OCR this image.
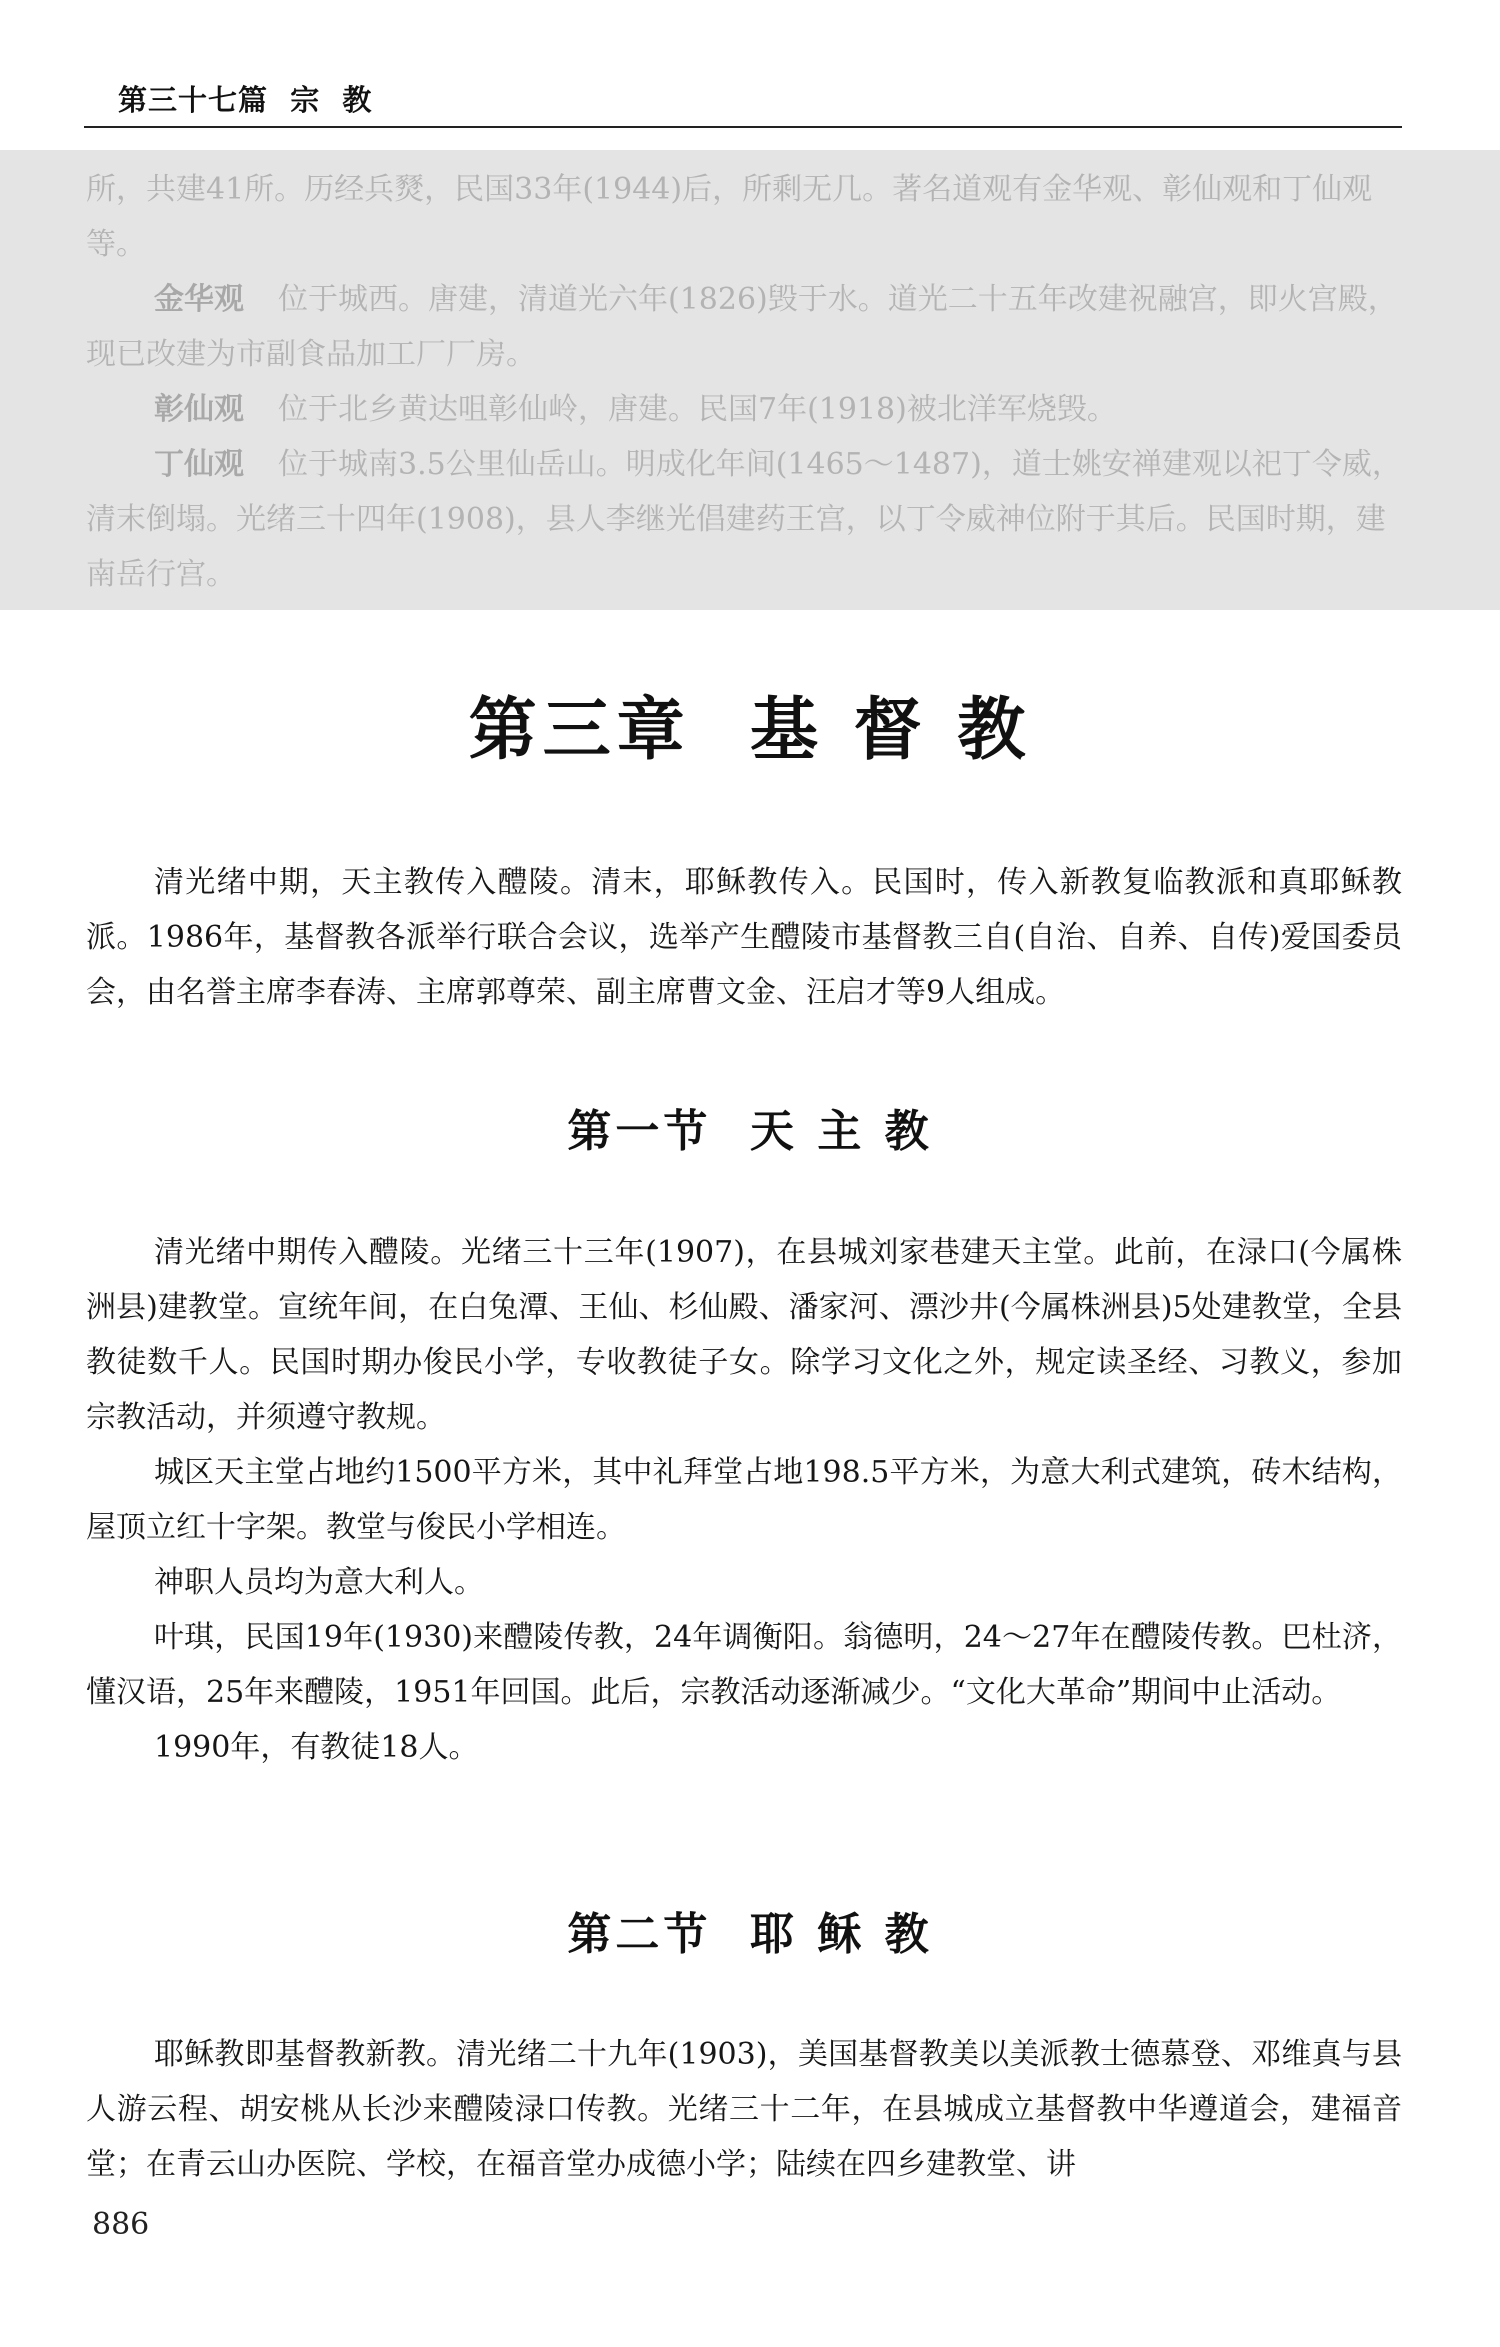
第三十七篇  宗  教

所，共建41所。历经兵燹，民国33年(1944)后，所剩无几。著名道观有金华观、彰仙观和丁仙观等。

金华观 位于城西。唐建，清道光六年(1826)毁于水。道光二十五年改建祝融宫，即火宫殿，现已改建为市副食品加工厂厂房。

彰仙观 位于北乡黄达咀彰仙岭，唐建。民国7年(1918)被北洋军烧毁。

丁仙观 位于城南3.5公里仙岳山。明成化年间(1465～1487)，道士姚安禅建观以祀丁令威，清末倒塌。光绪三十四年(1908)，县人李继光倡建药王宫，以丁令威神位附于其后。民国时期，建南岳行宫。

第三章  基 督 教

清光绪中期，天主教传入醴陵。清末，耶稣教传入。民国时，传入新教复临教派和真耶稣教派。1986年，基督教各派举行联合会议，选举产生醴陵市基督教三自(自治、自养、自传)爱国委员会，由名誉主席李春涛、主席郭尊荣、副主席曹文金、汪启才等9人组成。

第一节  天 主 教

清光绪中期传入醴陵。光绪三十三年(1907)，在县城刘家巷建天主堂。此前，在渌口(今属株洲县)建教堂。宣统年间，在白兔潭、王仙、杉仙殿、潘家河、漂沙井(今属株洲县)5处建教堂，全县教徒数千人。民国时期办俊民小学，专收教徒子女。除学习文化之外，规定读圣经、习教义，参加宗教活动，并须遵守教规。

城区天主堂占地约1500平方米，其中礼拜堂占地198.5平方米，为意大利式建筑，砖木结构，屋顶立红十字架。教堂与俊民小学相连。

神职人员均为意大利人。

叶琪，民国19年(1930)来醴陵传教，24年调衡阳。翁德明，24～27年在醴陵传教。巴杜济，懂汉语，25年来醴陵，1951年回国。此后，宗教活动逐渐减少。“文化大革命”期间中止活动。

1990年，有教徒18人。

第二节  耶 稣 教

耶稣教即基督教新教。清光绪二十九年(1903)，美国基督教美以美派教士德慕登、邓维真与县人游云程、胡安桃从长沙来醴陵渌口传教。光绪三十二年，在县城成立基督教中华遵道会，建福音堂；在青云山办医院、学校，在福音堂办成德小学；陆续在四乡建教堂、讲

886
